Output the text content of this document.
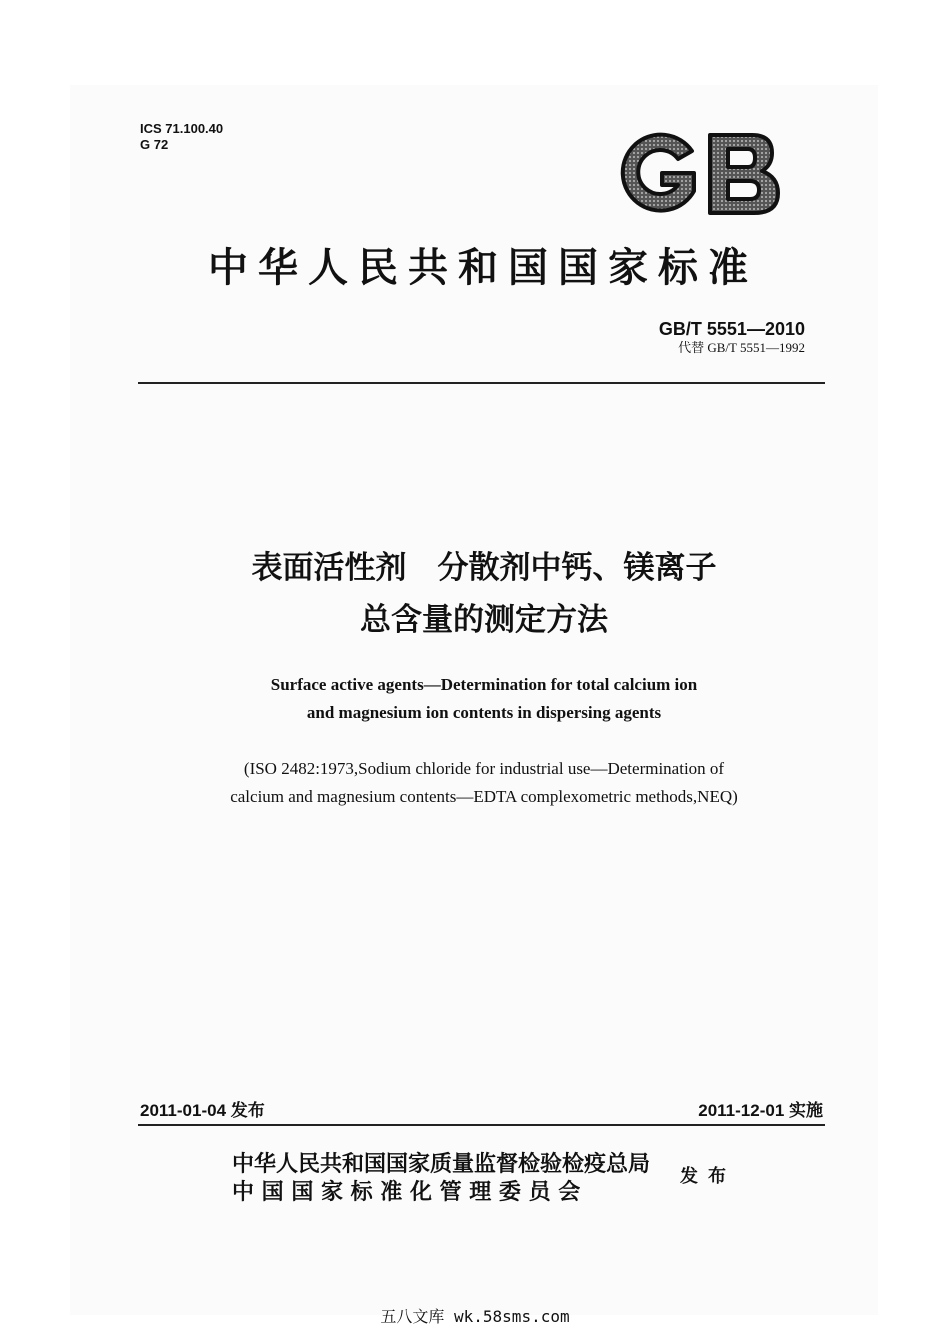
ICS 71.100.40
G 72
中华人民共和国国家标准
GB/T 5551—2010
代替 GB/T 5551—1992
表面活性剂　分散剂中钙、镁离子
总含量的测定方法
Surface active agents—Determination for total calcium ion
and magnesium ion contents in dispersing agents
(ISO 2482:1973,Sodium chloride for industrial use—Determination of
calcium and magnesium contents—EDTA complexometric methods,NEQ)
2011-01-04 发布	2011-12-01 实施
中华人民共和国国家质量监督检验检疫总局
中 国 国 家 标 准 化 管 理 委 员 会
发布
五八文库 wk.58sms.com
